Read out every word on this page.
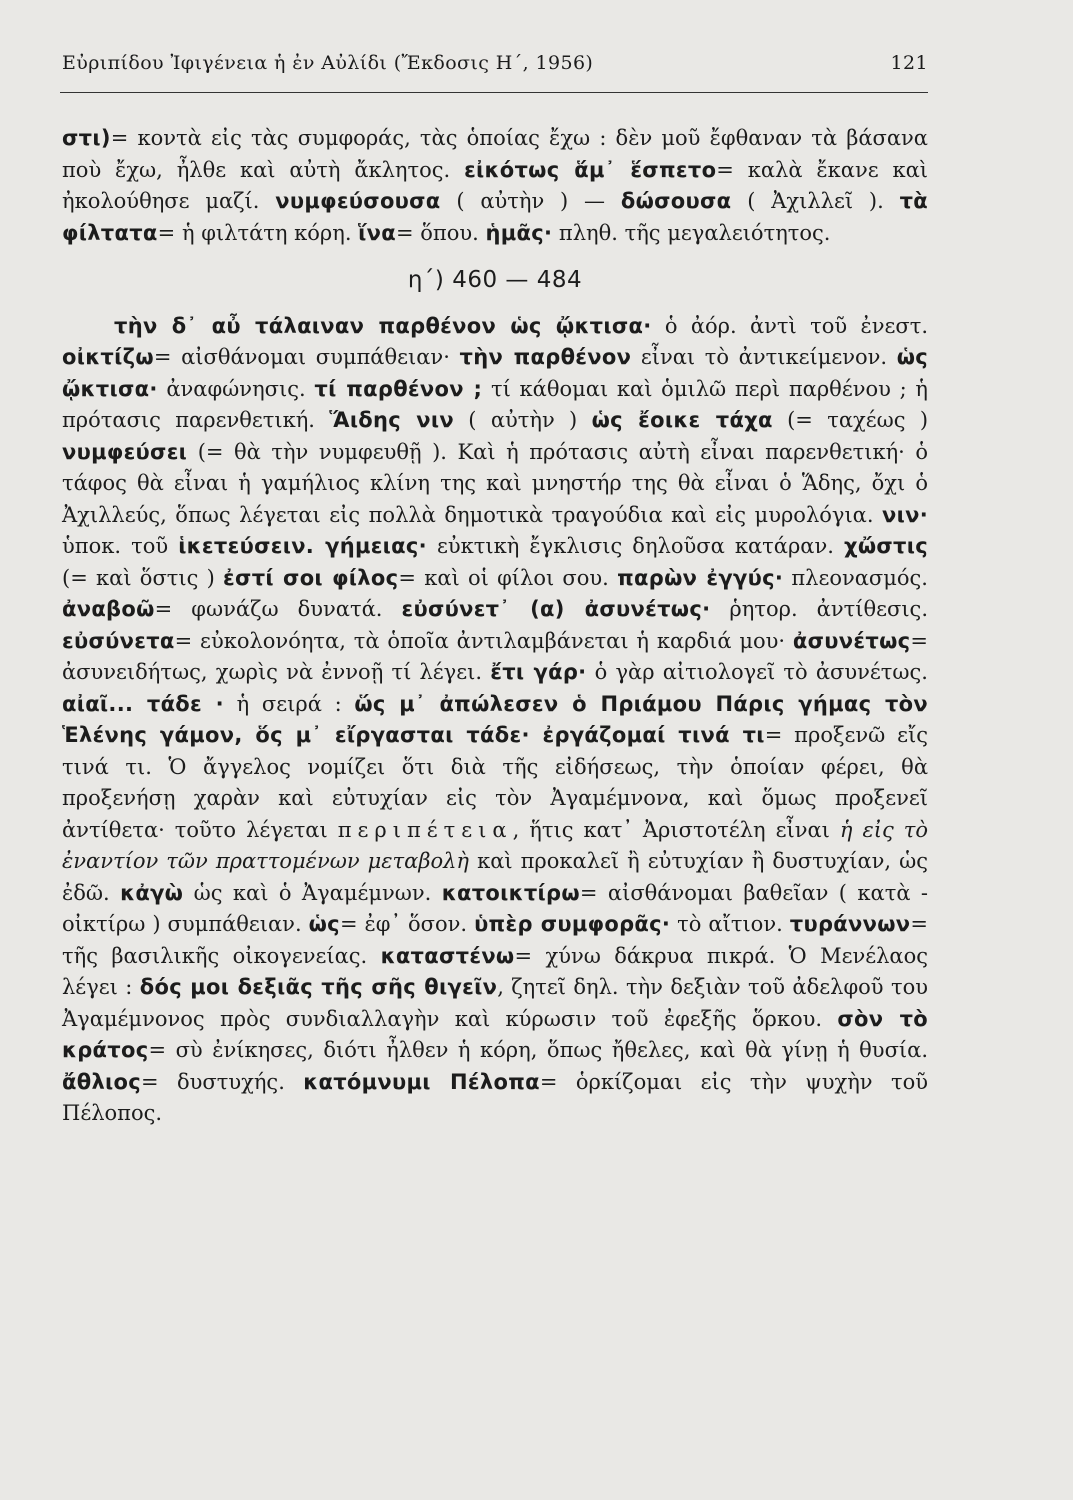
Εὐριπίδου Ἰφιγένεια ἡ ἐν Αὐλίδι (Ἔκδοσις Η΄, 1956)	121

στι)= κοντὰ εἰς τὰς συμφοράς, τὰς ὁποίας ἔχω : δὲν μοῦ ἔφθαναν τὰ βάσανα ποὺ ἔχω, ἦλθε καὶ αὐτὴ ἄκλητος. εἰκότως ἅμ᾽ ἕσπετο= καλὰ ἔκανε καὶ ἠκολούθησε μαζί. νυμφεύσουσα ( αὐτὴν ) — δώσουσα ( Ἀχιλλεῖ ). τὰ φίλτατα= ἡ φιλτάτη κόρη. ἵνα= ὅπου. ἡμᾶς· πληθ. τῆς μεγαλειότητος.

η΄) 460 — 484

τὴν δ᾽ αὖ τάλαιναν παρθένον ὡς ᾤκτισα· ὁ ἀόρ. ἀντὶ τοῦ ἐνεστ. οἰκτίζω= αἰσθάνομαι συμπάθειαν· τὴν παρθένον εἶναι τὸ ἀντικείμενον. ὡς ᾤκτισα· ἀναφώνησις. τί παρθένον ; τί κάθομαι καὶ ὁμιλῶ περὶ παρθένου ; ἡ πρότασις παρενθετική. Ἅιδης νιν ( αὐτὴν ) ὡς ἔοικε τάχα (= ταχέως ) νυμφεύσει (= θὰ τὴν νυμφευθῇ ). Καὶ ἡ πρότασις αὐτὴ εἶναι παρενθετική· ὁ τάφος θὰ εἶναι ἡ γαμήλιος κλίνη της καὶ μνηστήρ της θὰ εἶναι ὁ Ἅδης, ὄχι ὁ Ἀχιλλεύς, ὅπως λέγεται εἰς πολλὰ δημοτικὰ τραγούδια καὶ εἰς μυρολόγια. νιν· ὑποκ. τοῦ ἱκετεύσειν. γήμειας· εὐκτικὴ ἔγκλισις δηλοῦσα κατάραν. χὤστις (= καὶ ὅστις ) ἐστί σοι φίλος= καὶ οἱ φίλοι σου. παρὼν ἐγγύς· πλεονασμός. ἀναβοῶ= φωνάζω δυνατά. εὐσύνετ᾽ (α) ἀσυνέτως· ῥητορ. ἀντίθεσις. εὐσύνετα= εὐκολονόητα, τὰ ὁποῖα ἀντιλαμβάνεται ἡ καρδιά μου· ἀσυνέτως= ἀσυνειδήτως, χωρὶς νὰ ἐννοῇ τί λέγει. ἔτι γάρ· ὁ γὰρ αἰτιολογεῖ τὸ ἀσυνέτως. αἰαῖ... τάδε · ἡ σειρά : ὥς μ᾽ ἀπώλεσεν ὁ Πριάμου Πάρις γήμας τὸν Ἑλένης γάμον, ὅς μ᾽ εἴργασται τάδε· ἐργάζομαί τινά τι= προξενῶ εἴς τινά τι. Ὁ ἄγγελος νομίζει ὅτι διὰ τῆς εἰδήσεως, τὴν ὁποίαν φέρει, θὰ προξενήσῃ χαρὰν καὶ εὐτυχίαν εἰς τὸν Ἀγαμέμνονα, καὶ ὅμως προξενεῖ ἀντίθετα· τοῦτο λέγεται περιπέτεια, ἥτις κατ᾽ Ἀριστοτέλη εἶναι ἡ εἰς τὸ ἐναντίον τῶν πραττομένων μεταβολὴ καὶ προκαλεῖ ἢ εὐτυχίαν ἢ δυστυχίαν, ὡς ἐδῶ. κἀγὼ ὡς καὶ ὁ Ἀγαμέμνων. κατοικτίρω= αἰσθάνομαι βαθεῖαν ( κατὰ - οἰκτίρω ) συμπάθειαν. ὡς= ἐφ᾽ ὅσον. ὑπὲρ συμφορᾶς· τὸ αἴτιον. τυράννων= τῆς βασιλικῆς οἰκογενείας. καταστένω= χύνω δάκρυα πικρά. Ὁ Μενέλαος λέγει : δός μοι δεξιᾶς τῆς σῆς θιγεῖν, ζητεῖ δηλ. τὴν δεξιὰν τοῦ ἀδελφοῦ του Ἀγαμέμνονος πρὸς συνδιαλλαγὴν καὶ κύρωσιν τοῦ ἐφεξῆς ὅρκου. σὸν τὸ κράτος= σὺ ἐνίκησες, διότι ἦλθεν ἡ κόρη, ὅπως ἤθελες, καὶ θὰ γίνῃ ἡ θυσία. ἄθλιος= δυστυχής. κατόμνυμι Πέλοπα= ὁρκίζομαι εἰς τὴν ψυχὴν τοῦ Πέλοπος.
